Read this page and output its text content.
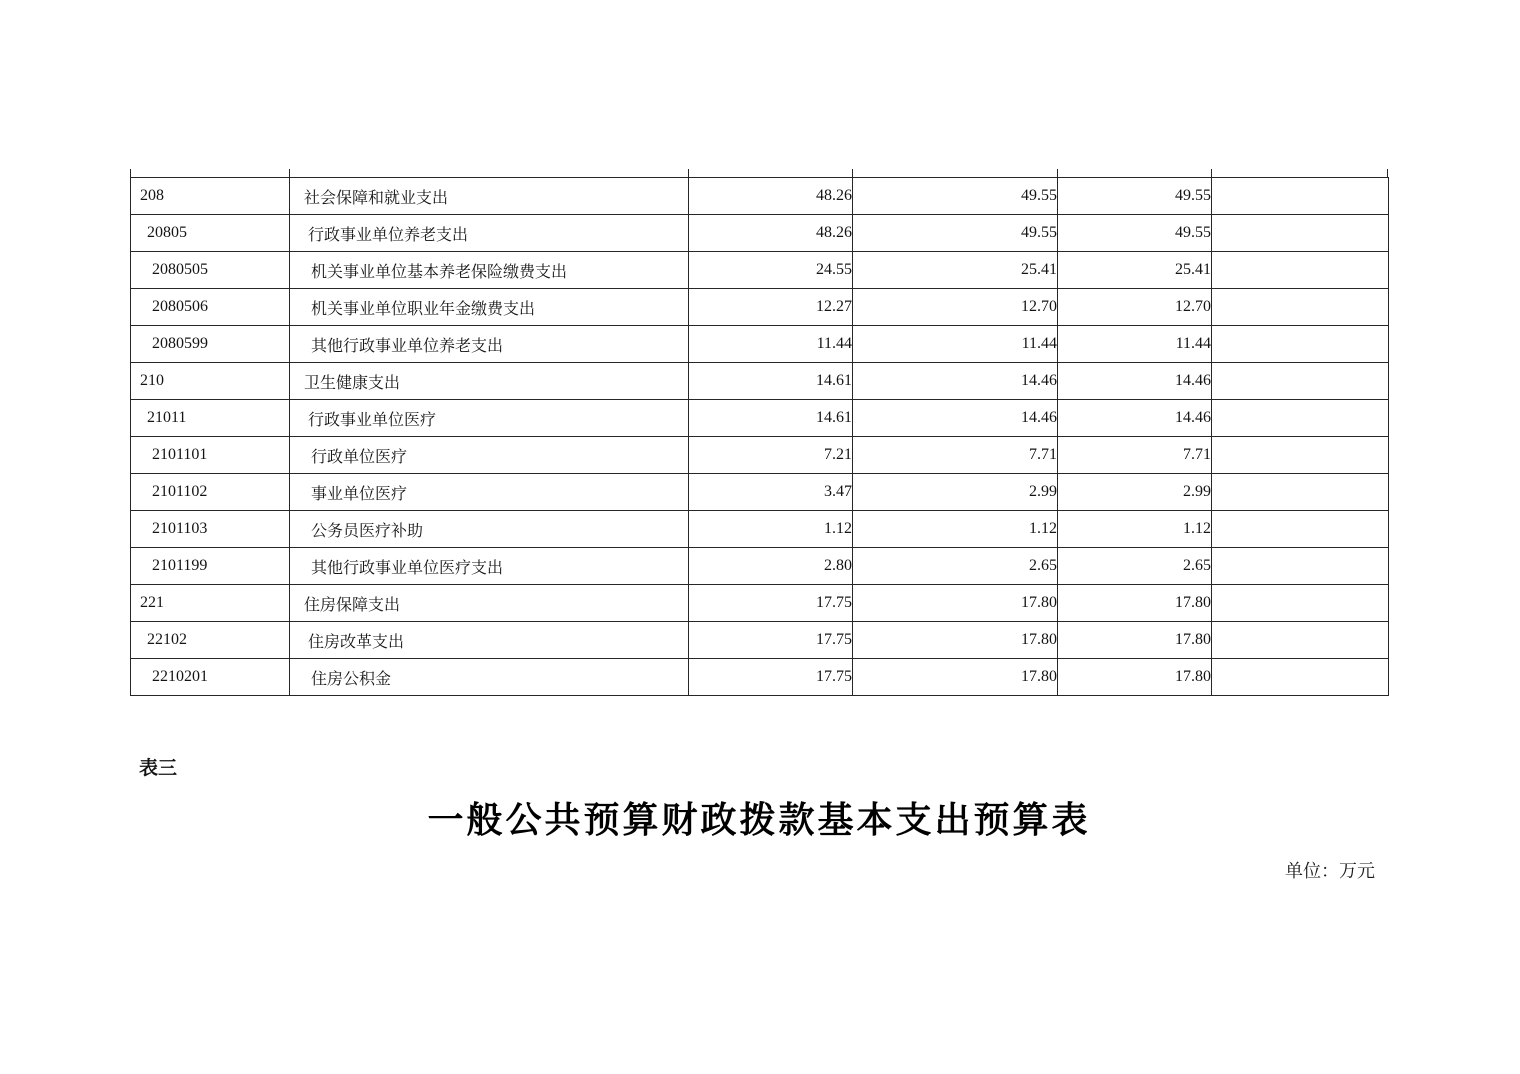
208	社会保障和就业支出	48.26	49.55	49.55	
20805	行政事业单位养老支出	48.26	49.55	49.55	
2080505	机关事业单位基本养老保险缴费支出	24.55	25.41	25.41	
2080506	机关事业单位职业年金缴费支出	12.27	12.70	12.70	
2080599	其他行政事业单位养老支出	11.44	11.44	11.44	
210	卫生健康支出	14.61	14.46	14.46	
21011	行政事业单位医疗	14.61	14.46	14.46	
2101101	行政单位医疗	7.21	7.71	7.71	
2101102	事业单位医疗	3.47	2.99	2.99	
2101103	公务员医疗补助	1.12	1.12	1.12	
2101199	其他行政事业单位医疗支出	2.80	2.65	2.65	
221	住房保障支出	17.75	17.80	17.80	
22102	住房改革支出	17.75	17.80	17.80	
2210201	住房公积金	17.75	17.80	17.80	
表三
一般公共预算财政拨款基本支出预算表
单位：万元
